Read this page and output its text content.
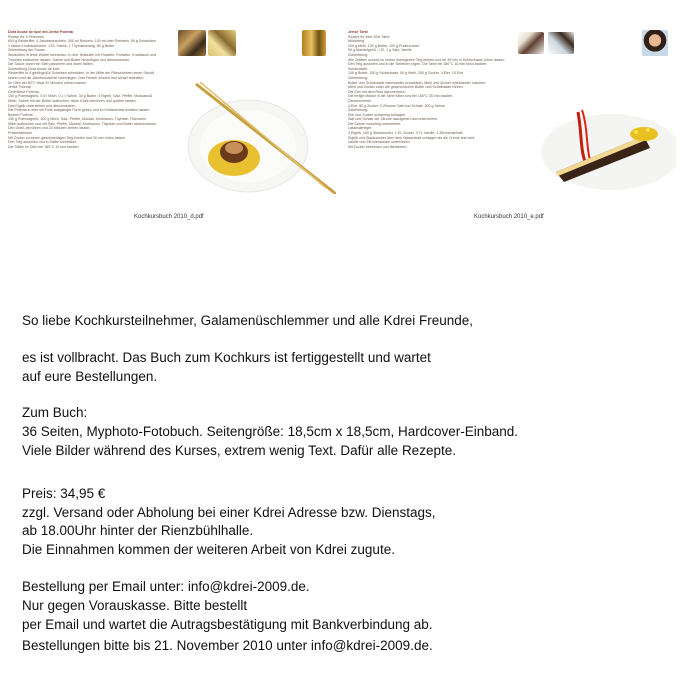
Dora bouse de luxe mit Jerisé Polenta
Rezept für 4 Personen
600 g Rinderfilet, 4 Jakobsmuscheln, 300 ml Rotwein, 100 ml roter Portwein, 50 g Schalotten
1 kleine Knoblauchzehe, 1 EL Sahne, 1 Thymianzweig, 80 g Butter
Zubereitung der Sauce:
Schalotten in feine Würfel schneiden. In drei Teilstufen mit Rotwein, Portwein, Knoblauch und
Thymian einkochen lassen. Sahne und Butter hinzufügen und abschmecken.
Die Sauce durch ein Sieb passieren und warm halten.
Zubereitung Dora bouse de luxe:
Rinderfilet in 4 gleichgroße Scheiben schneiden. In der Mitte der Filetscheiben einen Schnitt
setzen und die Jakobsmuschel hineinlegen. Das Fleisch würzen und scharf anbraten.
Im Ofen bei 80°C etwa 20 Minuten ziehen lassen.
Jerisé Polenta
Gelenkene Polenta:
150 g Polentagrieß, 0,5 l Milch, 0,1 l Sahne, 30 g Butter, 4 Eigelb, Salz, Pfeffer, Muskatnuß
Milch, Sahne mit der Butter aufkochen, dann Gries einrühren und quellen lassen.
Das Eigelb unterziehen und abschmecken.
Die Polenta in eine mit Folie ausgelegte Form geben und im Kühlschrank erkalten lassen.
Beeten Polenta
150 g Polentagrieß, 300 g Milch, Salz, Pfeffer, Muskat, Knoblauch, Thymian, Rosmarin
Milch aufkochen und mit Salz, Pfeffer, Muskat, Knoblauch, Thymian und Butter abschmecken.
Den Grieß einrühren und 20 Minuten ziehen lassen.
Präsentationen
Mit Zucker zu einem geschmeidigen Teig kneten und 30 min ruhen lassen.
Den Teig ausrollen und in Stäbe schneiden.
Die Stäbe im Ofen bei 180°C 10 min backen.
Kochkursbuch 2010_d.pdf
Jerisé Tarte
Rezept für eine 20er Tarte
Mürbeteig
200 g Mehl, 100 g Butter, 100 g Puderzucker
50 g Mandelgrieß, 1 Ei, 1 g Salz, Vanille
Zubereitung:
Alle Zutaten schnell zu einem homogenen Teig kneten und für 30 min in Kühlschrank ruhen lassen.
Den Teig ausrollen und in die Tarteform legen. Die Tarte bei 180°C 15 min blind backen.
Schokotarte
100 g Butter, 150 g Schokolade, 50 g Mehl, 300 g Zucker, 4 Eier, 10 Eier
Zubereitung:
Butter und Schokolade miteinander schmelzen. Mehl und Zucker miteinander mischen.
Mehl und Zucker unter die geschmolzene Butter und Schokolade rühren.
Die Eier mit dem Rest dazunehmen.
Die fertige Masse in die Tarte füllen und bei 160°C 35 min backen.
Zitronencreme
4 Eier, 80 g Zucker, 2 Zitronen Saft und Schale, 300 g Sahne
Zubereitung:
Eier und Zucker schaumig schlagen.
Saft und Schale der Zitrone dazugeben und unterrühren.
Die Sahne vorsichtig unterheben.
Lakkeuleriegel
3 Eigelb, 150 g Staubzucker, 1 EL Zucker, 3 TL Vanille, 1 Zitronenschale
Eigelb und Staubzucker über dem Wasserbad schlagen bis die Creme fest wird.
Vanille und Zitronenschale unterrühren.
Mit Zucker bestreuen und flambieren.
Kochkursbuch 2010_e.pdf

So liebe Kochkursteilnehmer, Galamenüschlemmer und alle Kdrei Freunde,

es ist vollbracht. Das Buch zum Kochkurs ist fertiggestellt und wartet

auf eure Bestellungen.

Zum Buch:

36 Seiten, Myphoto-Fotobuch. Seitengröße: 18,5cm x 18,5cm, Hardcover-Einband.

Viele Bilder während des Kurses, extrem wenig Text. Dafür alle Rezepte.

Preis: 34,95 €

zzgl. Versand oder Abholung bei einer Kdrei Adresse bzw. Dienstags,

ab 18.00Uhr hinter der Rienzbühlhalle.

Die Einnahmen kommen der weiteren Arbeit von Kdrei zugute.

Bestellung per Email unter: info@kdrei-2009.de.

Nur gegen Vorauskasse. Bitte bestellt

per Email und wartet die Autragsbestätigung mit Bankverbindung ab.

Bestellungen bitte bis 21. November 2010 unter info@kdrei-2009.de.
